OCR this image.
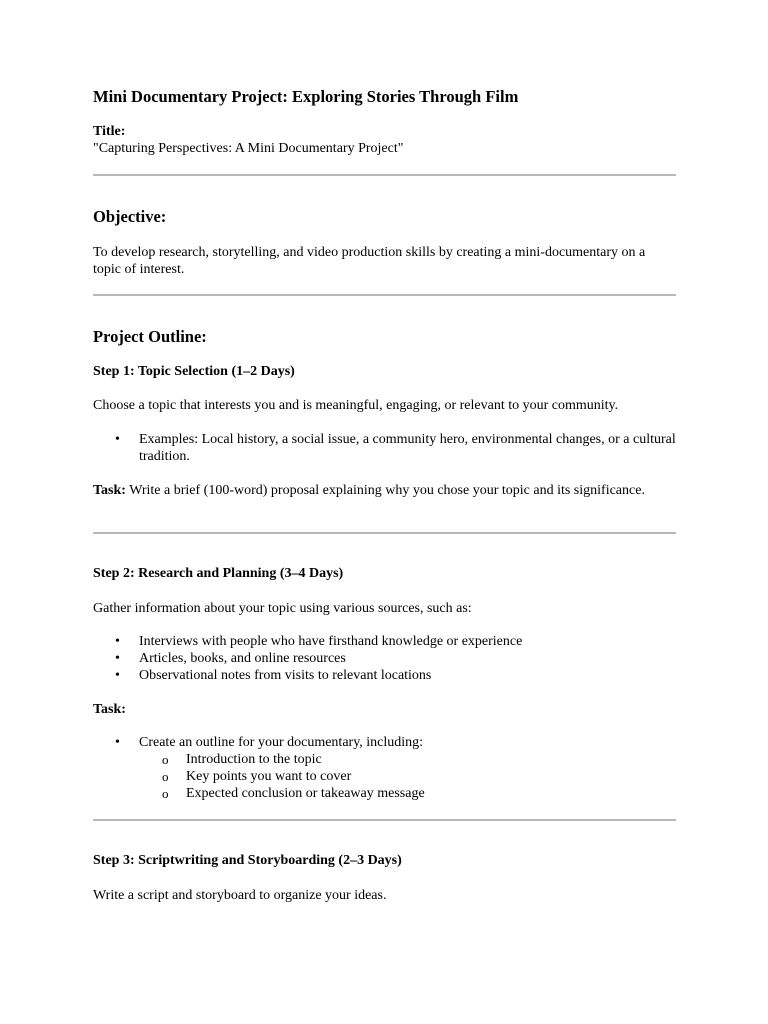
Mini Documentary Project: Exploring Stories Through Film

Title:

"Capturing Perspectives: A Mini Documentary Project"

Objective:

To develop research, storytelling, and video production skills by creating a mini-documentary on a topic of interest.

Project Outline:
Step 1: Topic Selection (1–2 Days)

Choose a topic that interests you and is meaningful, engaging, or relevant to your community.

• Examples: Local history, a social issue, a community hero, environmental changes, or a cultural tradition.

Task: Write a brief (100-word) proposal explaining why you chose your topic and its significance.

Step 2: Research and Planning (3–4 Days)

Gather information about your topic using various sources, such as:

• Interviews with people who have firsthand knowledge or experience
• Articles, books, and online resources
• Observational notes from visits to relevant locations

Task:

• Create an outline for your documentary, including:
o Introduction to the topic
o Key points you want to cover
o Expected conclusion or takeaway message
Step 3: Scriptwriting and Storyboarding (2–3 Days)

Write a script and storyboard to organize your ideas.
